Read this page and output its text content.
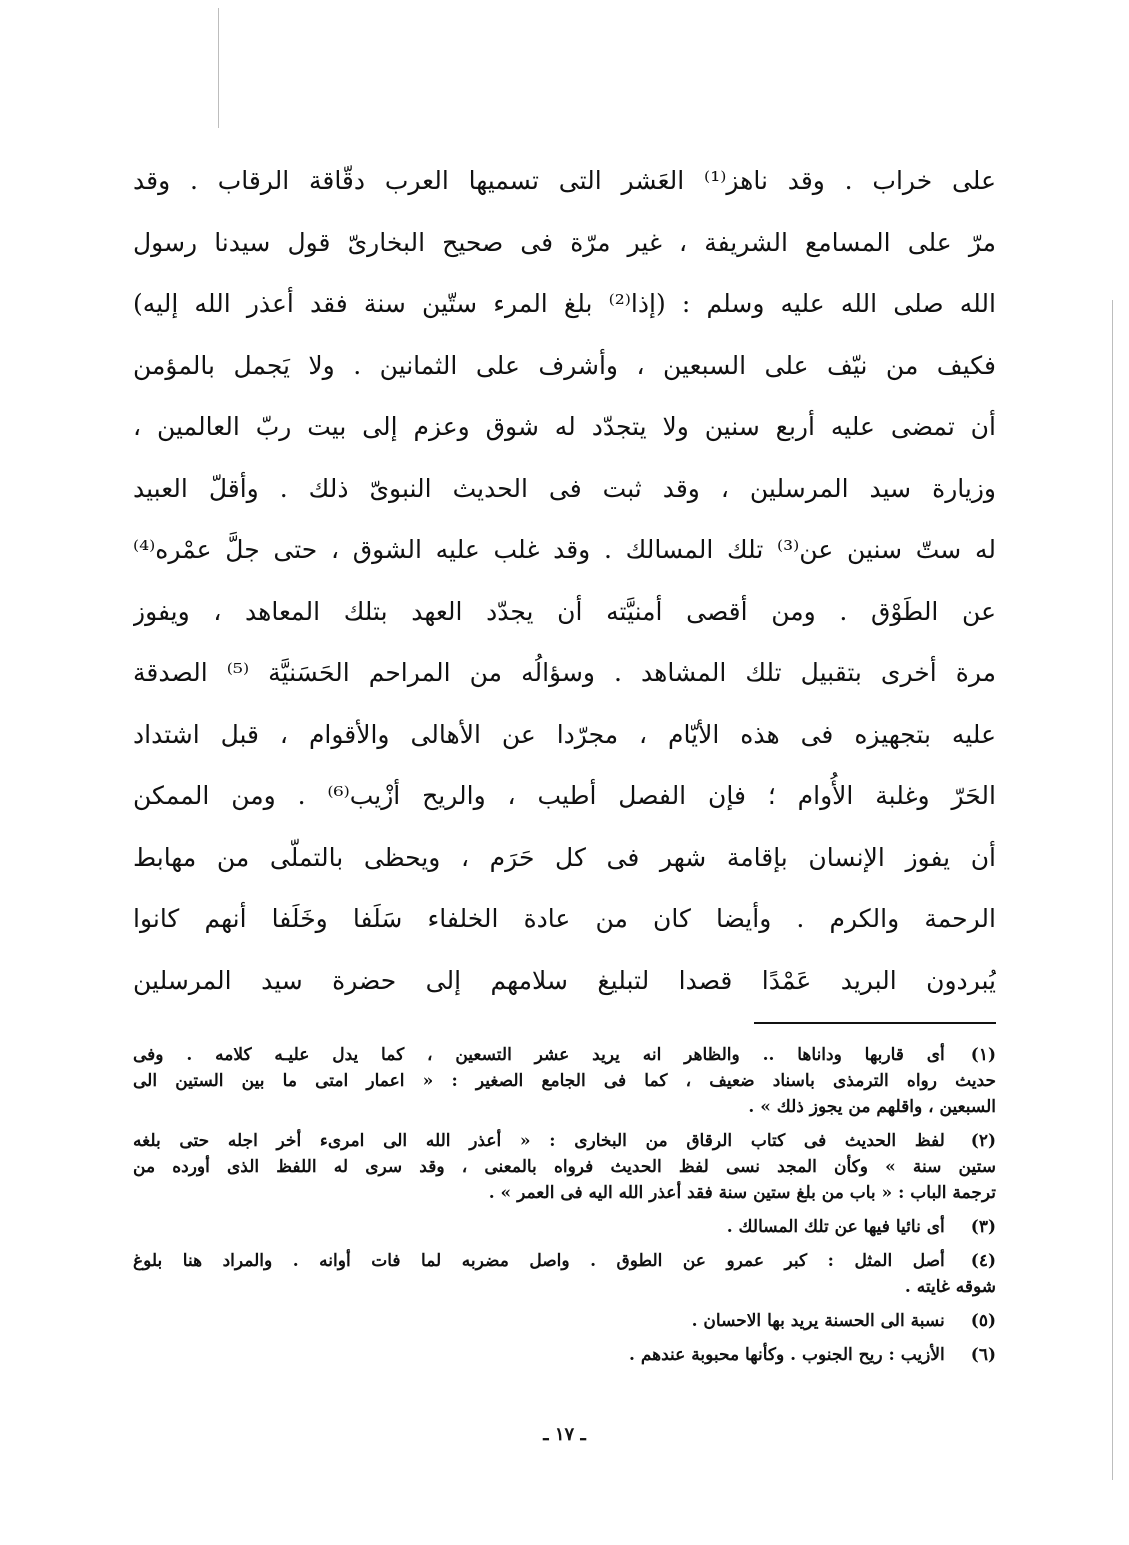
على خراب . وقد ناهز⁽¹⁾ العَشر التى تسميها العرب دقّاقة الرقاب . وقد
مرّ على المسامع الشريفة ، غير مرّة فى صحيح البخارىّ قول سيدنا رسول
الله صلى الله عليه وسلم : (إذا⁽²⁾ بلغ المرء ستّين سنة فقد أعذر الله إليه)
فكيف من نيّف على السبعين ، وأشرف على الثمانين . ولا يَجمل بالمؤمن
أن تمضى عليه أربع سنين ولا يتجدّد له شوق وعزم إلى بيت ربّ العالمين ،
وزيارة سيد المرسلين ، وقد ثبت فى الحديث النبوىّ ذلك . وأقلّ العبيد
له ستّ سنين عن⁽³⁾ تلك المسالك . وقد غلب عليه الشوق ، حتى جلَّ عمْره⁽⁴⁾
عن الطَوْق . ومن أقصى أمنيَّته أن يجدّد العهد بتلك المعاهد ، ويفوز
مرة أخرى بتقبيل تلك المشاهد . وسؤالُه من المراحم الحَسَنيَّة ⁽⁵⁾ الصدقة
عليه بتجهيزه فى هذه الأيّام ، مجرّدا عن الأهالى والأقوام ، قبل اشتداد
الحَرّ وغلبة الأُوام ؛ فإن الفصل أطيب ، والريح أزْيب⁽⁶⁾ . ومن الممكن
أن يفوز الإنسان بإقامة شهر فى كل حَرَم ، ويحظى بالتملّى من مهابط
الرحمة والكرم . وأيضا كان من عادة الخلفاء سَلَفا وخَلَفا أنهم كانوا
يُبردون البريد عَمْدًا قصدا لتبليغ سلامهم إلى حضرة سيد المرسلين
(١)أى قاربها وداناها .. والظاهر انه يريد عشر التسعين ، كما يدل عليـه كلامه . وفى
حديث رواه الترمذى باسناد ضعيف ، كما فى الجامع الصغير : « اعمار امتى ما بين الستين الى
السبعين ، واقلهم من يجوز ذلك » .
(٢)لفظ الحديث فى كتاب الرقاق من البخارى : « أعذر الله الى امرىء أخر اجله حتى بلغه
ستين سنة » وكأن المجد نسى لفظ الحديث فرواه بالمعنى ، وقد سرى له اللفظ الذى أورده من
ترجمة الباب : « باب من بلغ ستين سنة فقد أعذر الله اليه فى العمر » .
(٣)أى نائيا فيها عن تلك المسالك .
(٤)أصل المثل : كبر عمرو عن الطوق . واصل مضربه لما فات أوانه . والمراد هنا بلوغ
شوقه غايته .
(٥)نسبة الى الحسنة يريد بها الاحسان .
(٦)الأزيب : ريح الجنوب . وكأنها محبوبة عندهم .
ـ ١٧ ـ
